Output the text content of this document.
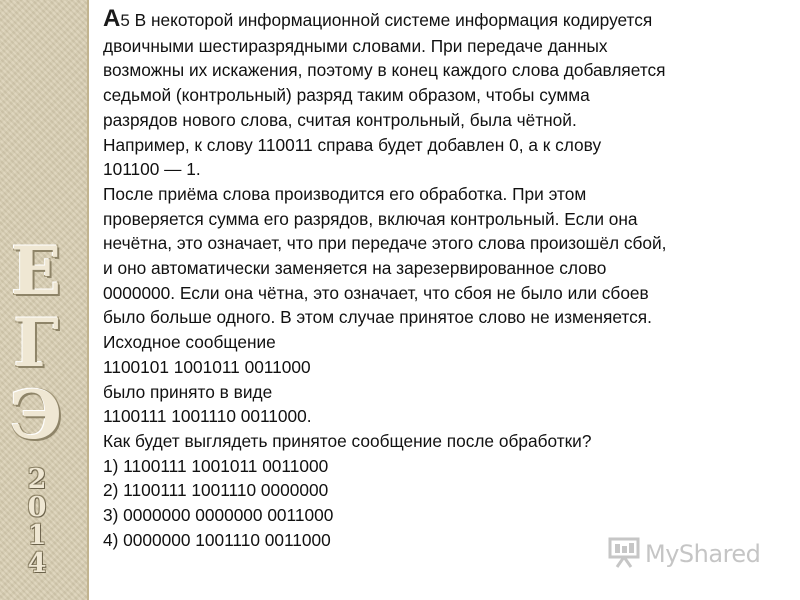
Е
Г
Э
2
0
1
4

А5 В некоторой информационной системе информация кодируется

двоичными шестиразрядными словами. При передаче данных

возможны их искажения, поэтому в конец каждого слова добавляется

седьмой (контрольный) разряд таким образом, чтобы сумма

разрядов нового слова, считая контрольный, была чётной.

Например, к слову 110011 справа будет добавлен 0, а к слову

101100 — 1.

После приёма слова производится его обработка. При этом

проверяется сумма его разрядов, включая контрольный. Если она

нечётна, это означает, что при передаче этого слова произошёл сбой,

и оно автоматически заменяется на зарезервированное слово

0000000. Если она чётна, это означает, что сбоя не было или сбоев

было больше одного. В этом случае принятое слово не изменяется.

Исходное сообщение

1100101 1001011 0011000

было принято в виде

1100111 1001110 0011000.

Как будет выглядеть принятое сообщение после обработки?

1) 1100111 1001011 0011000

2) 1100111 1001110 0000000

3) 0000000 0000000 0011000

4) 0000000 1001110 0011000

MyShared
